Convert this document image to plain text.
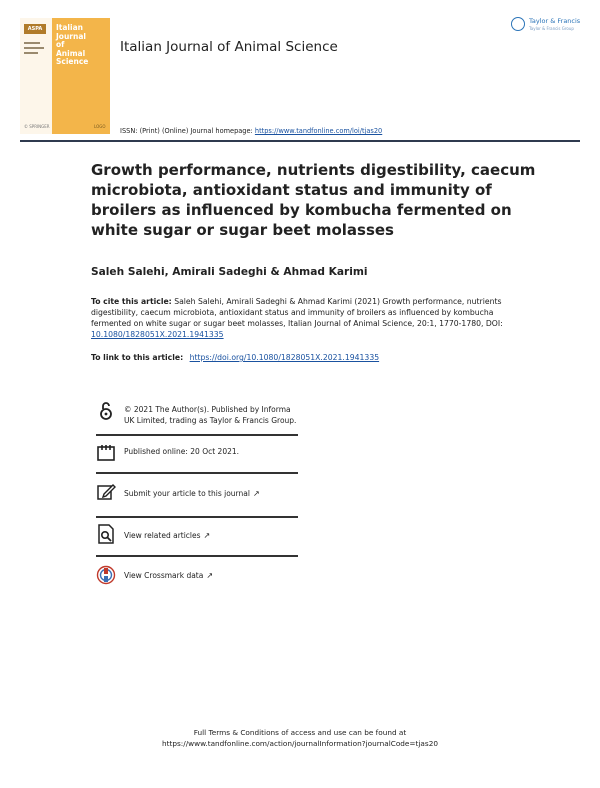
ASPA	Italian
Journal
of
Animal
Science
© SPRINGER	LOGO
Italian Journal of Animal Science
ISSN: (Print) (Online) Journal homepage: https://www.tandfonline.com/loi/tjas20
Taylor & Francis
Taylor & Francis Group
Growth performance, nutrients digestibility, caecum microbiota, antioxidant status and immunity of broilers as influenced by kombucha fermented on white sugar or sugar beet molasses
Saleh Salehi, Amirali Sadeghi & Ahmad Karimi

To cite this article: Saleh Salehi, Amirali Sadeghi & Ahmad Karimi (2021) Growth performance, nutrients digestibility, caecum microbiota, antioxidant status and immunity of broilers as influenced by kombucha fermented on white sugar or sugar beet molasses, Italian Journal of Animal Science, 20:1, 1770-1780, DOI: 10.1080/1828051X.2021.1941335

To link to this article: https://doi.org/10.1080/1828051X.2021.1941335
© 2021 The Author(s). Published by Informa UK Limited, trading as Taylor & Francis Group.
Published online: 20 Oct 2021.
Submit your article to this journal ↗
View related articles ↗
View Crossmark data ↗
Full Terms & Conditions of access and use can be found at
https://www.tandfonline.com/action/journalInformation?journalCode=tjas20
